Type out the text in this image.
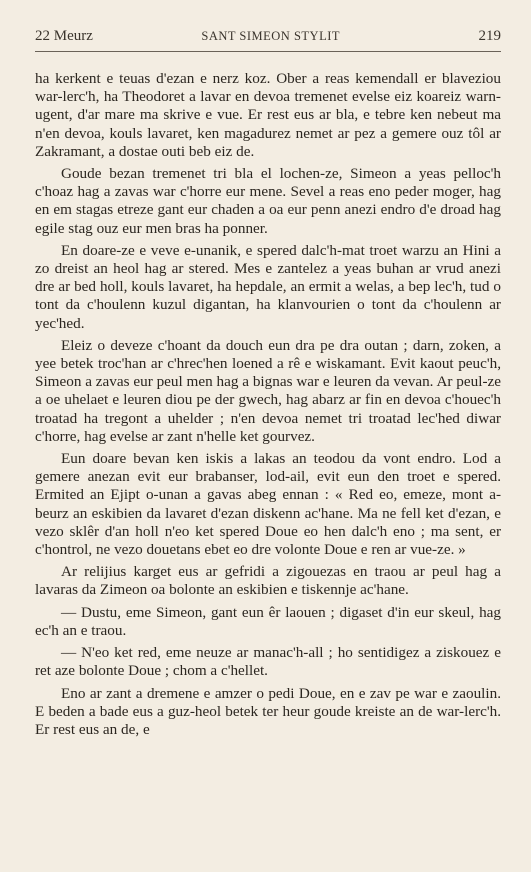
22 Meurz	SANT SIMEON STYLIT	219

ha kerkent e teuas d'ezan e nerz koz. Ober a reas kemendall er blaveziou war-lerc'h, ha Theodoret a lavar en devoa tremenet evelse eiz koareiz warn-ugent, d'ar mare ma skrive e vue. Er rest eus ar bla, e tebre ken nebeut ma n'en devoa, kouls lavaret, ken magadurez nemet ar pez a gemere ouz tôl ar Zakramant, a dostae outi beb eiz de.

Goude bezan tremenet tri bla el lochen-ze, Simeon a yeas pelloc'h c'hoaz hag a zavas war c'horre eur mene. Sevel a reas eno peder moger, hag en em stagas etreze gant eur chaden a oa eur penn anezi endro d'e droad hag egile stag ouz eur men bras ha ponner.

En doare-ze e veve e-unanik, e spered dalc'h-mat troet warzu an Hini a zo dreist an heol hag ar stered. Mes e zantelez a yeas buhan ar vrud anezi dre ar bed holl, kouls lavaret, ha hepdale, an ermit a welas, a bep lec'h, tud o tont da c'houlenn kuzul digantan, ha klanvourien o tont da c'houlenn ar yec'hed.

Eleiz o deveze c'hoant da douch eun dra pe dra outan ; darn, zoken, a yee betek troc'han ar c'hrec'hen loened a rê e wiskamant. Evit kaout peuc'h, Simeon a zavas eur peul men hag a bignas war e leuren da vevan. Ar peul-ze a oe uhelaet e leuren diou pe der gwech, hag abarz ar fin en devoa c'houec'h troatad ha tregont a uhelder ; n'en devoa nemet tri troatad lec'hed diwar c'horre, hag evelse ar zant n'helle ket gourvez.

Eun doare bevan ken iskis a lakas an teodou da vont endro. Lod a gemere anezan evit eur brabanser, lod-ail, evit eun den troet e spered. Ermited an Ejipt o-unan a gavas abeg ennan : « Red eo, emeze, mont a-beurz an eskibien da lavaret d'ezan diskenn ac'hane. Ma ne fell ket d'ezan, e vezo sklêr d'an holl n'eo ket spered Doue eo hen dalc'h eno ; ma sent, er c'hontrol, ne vezo douetans ebet eo dre volonte Doue e ren ar vue-ze. »

Ar relijius karget eus ar gefridi a zigouezas en traou ar peul hag a lavaras da Zimeon oa bolonte an eskibien e tiskennje ac'hane.

— Dustu, eme Simeon, gant eun êr laouen ; digaset d'in eur skeul, hag ec'h an e traou.

— N'eo ket red, eme neuze ar manac'h-all ; ho sentidigez a ziskouez e ret aze bolonte Doue ; chom a c'hellet.

Eno ar zant a dremene e amzer o pedi Doue, en e zav pe war e zaoulin. E beden a bade eus a guz-heol betek ter heur goude kreiste an de war-lerc'h. Er rest eus an de, e
